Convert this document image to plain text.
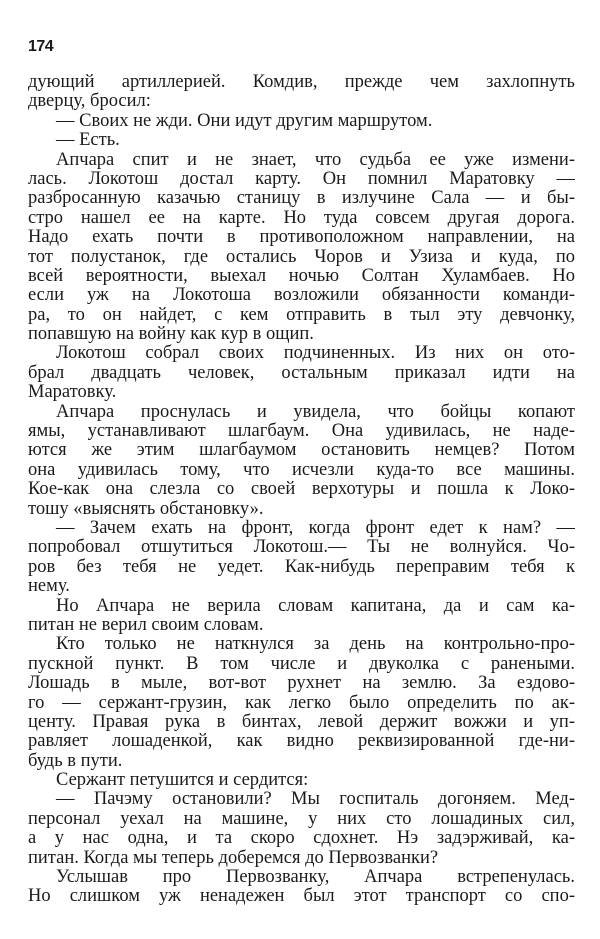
174
дующий артиллерией. Комдив, прежде чем захлопнуть
дверцу, бросил:
— Своих не жди. Они идут другим маршрутом.
— Есть.
Апчара спит и не знает, что судьба ее уже измени-
лась. Локотош достал карту. Он помнил Маратовку —
разбросанную казачью станицу в излучине Сала — и бы-
стро нашел ее на карте. Но туда совсем другая дорога.
Надо ехать почти в противоположном направлении, на
тот полустанок, где остались Чоров и Узиза и куда, по
всей вероятности, выехал ночью Солтан Хуламбаев. Но
если уж на Локотоша возложили обязанности команди-
ра, то он найдет, с кем отправить в тыл эту девчонку,
попавшую на войну как кур в ощип.
Локотош собрал своих подчиненных. Из них он ото-
брал двадцать человек, остальным приказал идти на
Маратовку.
Апчара проснулась и увидела, что бойцы копают
ямы, устанавливают шлагбаум. Она удивилась, не наде-
ются же этим шлагбаумом остановить немцев? Потом
она удивилась тому, что исчезли куда-то все машины.
Кое-как она слезла со своей верхотуры и пошла к Локо-
тошу «выяснять обстановку».
— Зачем ехать на фронт, когда фронт едет к нам? —
попробовал отшутиться Локотош.— Ты не волнуйся. Чо-
ров без тебя не уедет. Как-нибудь переправим тебя к
нему.
Но Апчара не верила словам капитана, да и сам ка-
питан не верил своим словам.
Кто только не наткнулся за день на контрольно-про-
пускной пункт. В том числе и двуколка с ранеными.
Лошадь в мыле, вот-вот рухнет на землю. За ездово-
го — сержант-грузин, как легко было определить по ак-
центу. Правая рука в бинтах, левой держит вожжи и уп-
равляет лошаденкой, как видно реквизированной где-ни-
будь в пути.
Сержант петушится и сердится:
— Пачэму остановили? Мы госпиталь догоняем. Мед-
персонал уехал на машине, у них сто лошадиных сил,
а у нас одна, и та скоро сдохнет. Нэ задэрживай, ка-
питан. Когда мы теперь доберемся до Первозванки?
Услышав про Первозванку, Апчара встрепенулась.
Но слишком уж ненадежен был этот транспорт со спо-
